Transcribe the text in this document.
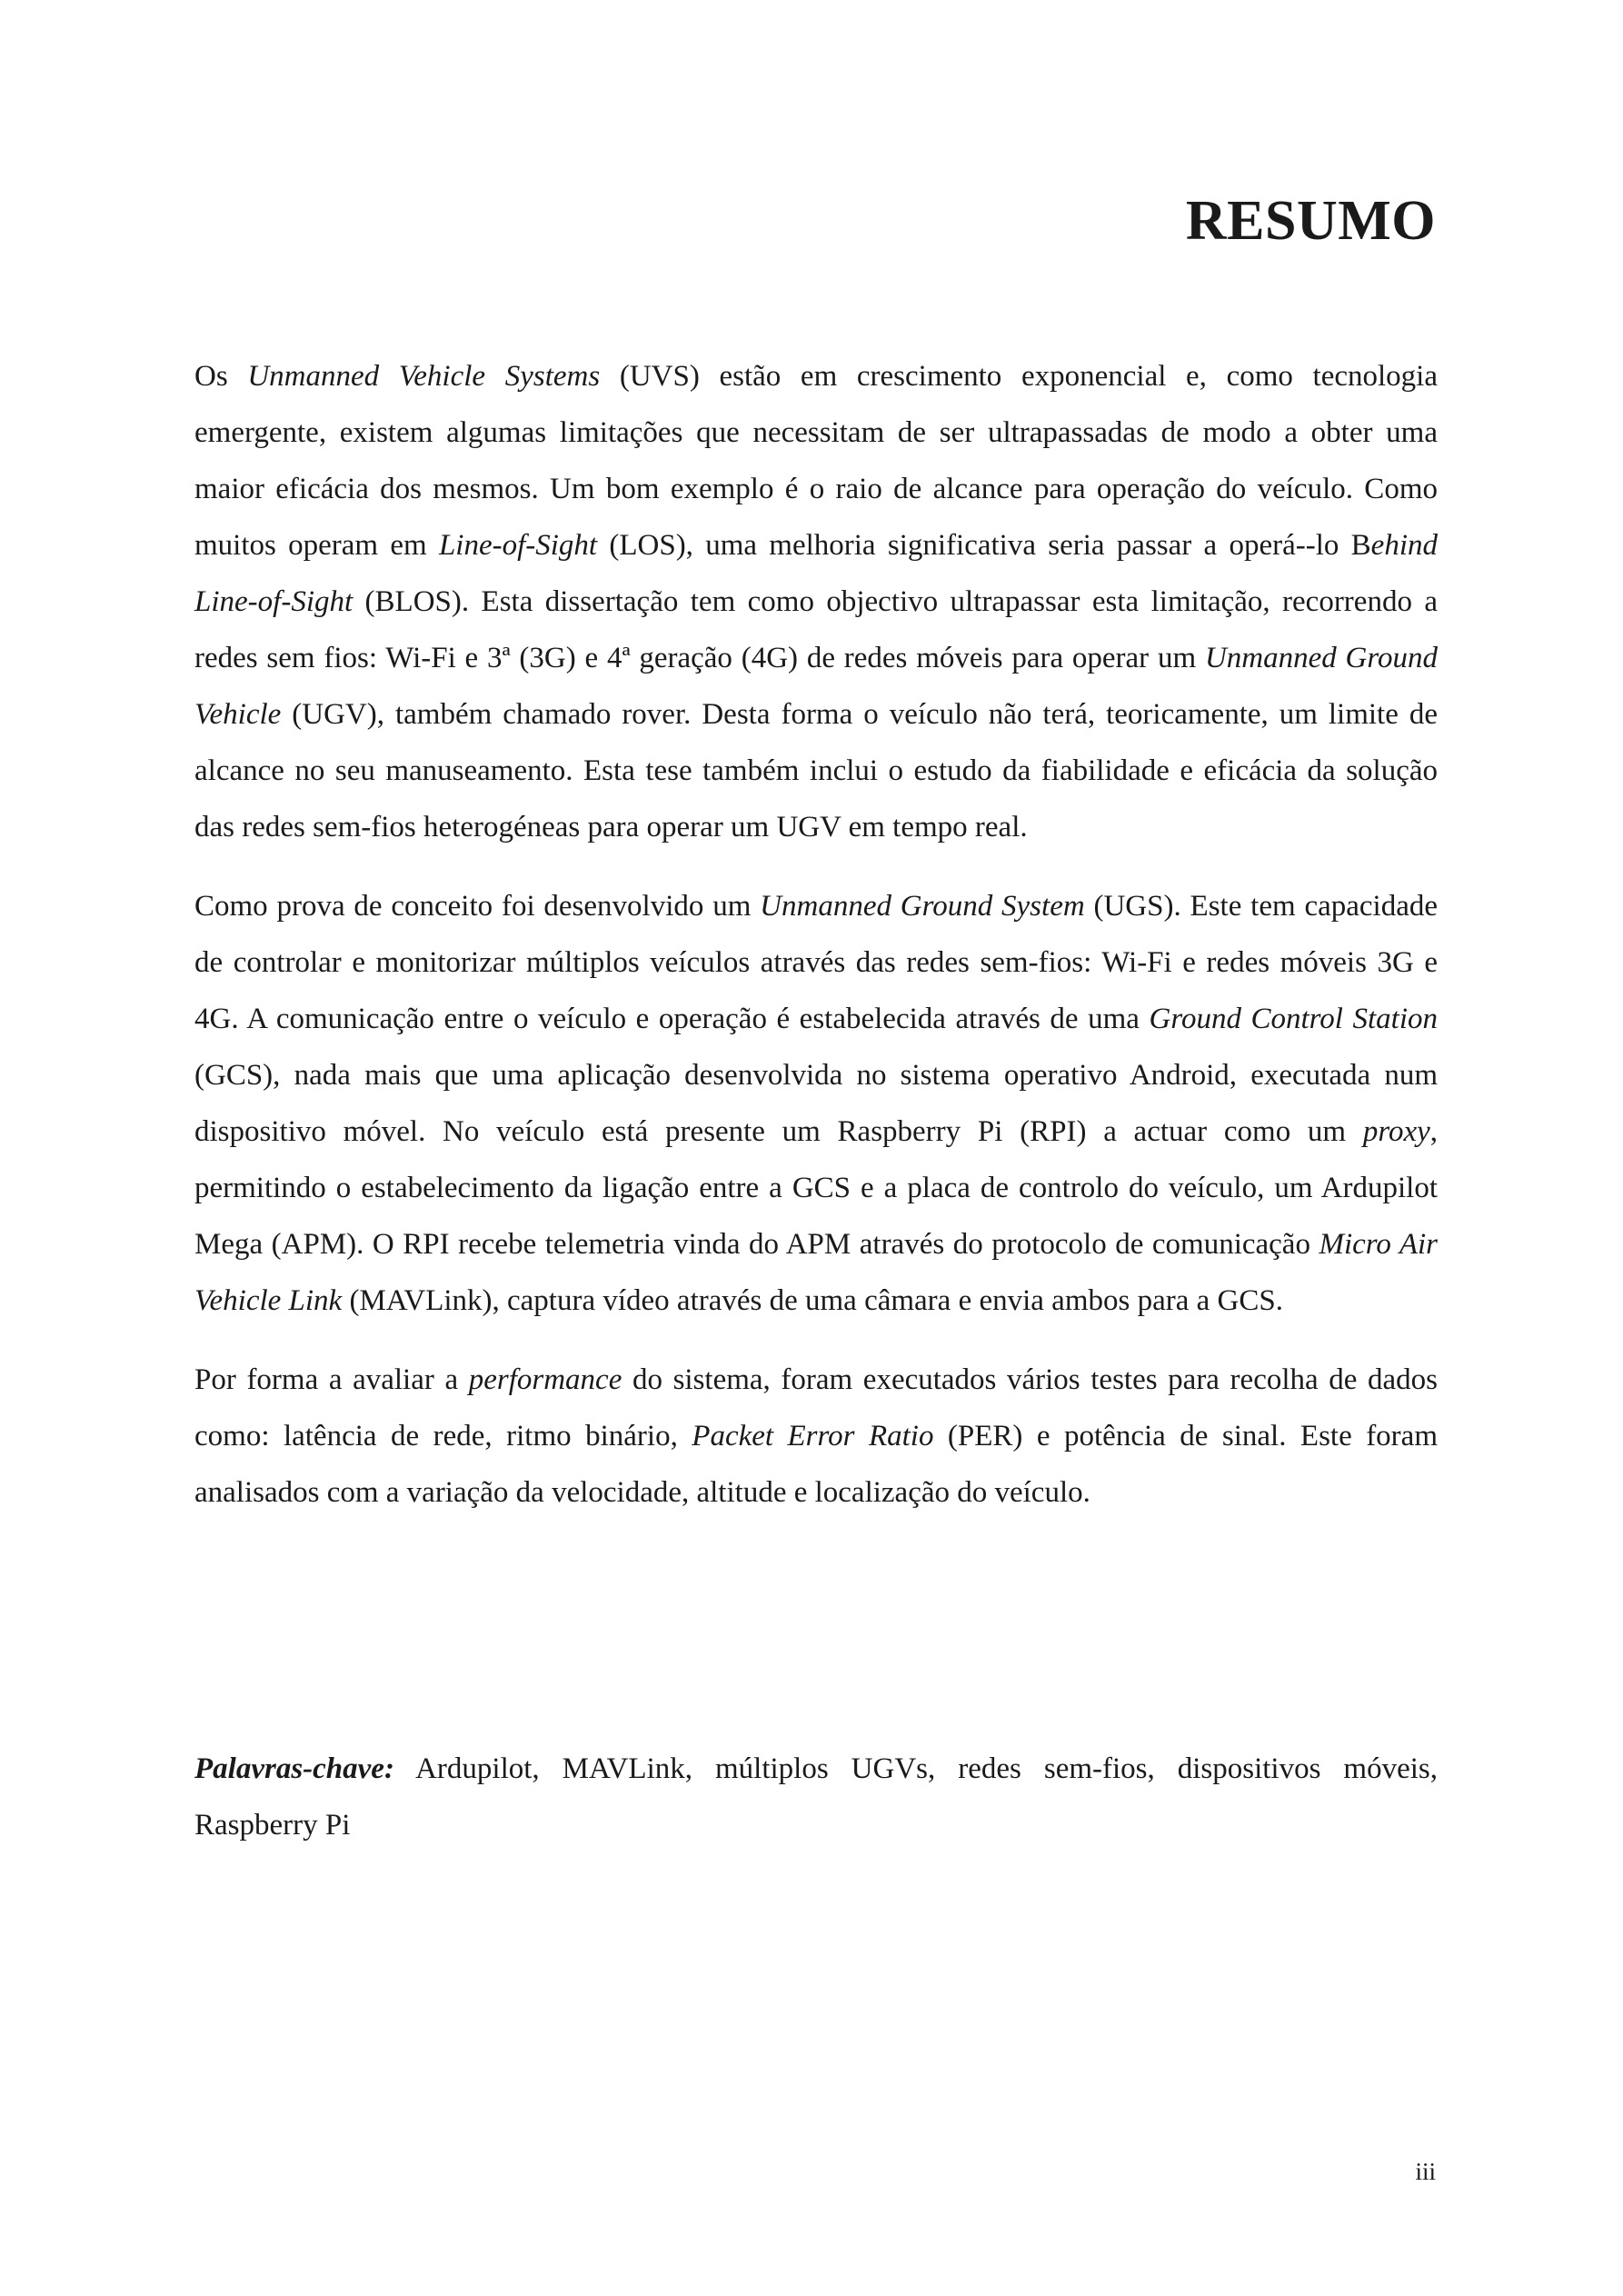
RESUMO

Os Unmanned Vehicle Systems (UVS) estão em crescimento exponencial e, como tecnologia emergente, existem algumas limitações que necessitam de ser ultrapassadas de modo a obter uma maior eficácia dos mesmos. Um bom exemplo é o raio de alcance para operação do veículo. Como muitos operam em Line-of-Sight (LOS), uma melhoria significativa seria passar a operá-​-lo Behind Line-of-Sight (BLOS). Esta dissertação tem como objectivo ultrapassar esta limitação, recorrendo a redes sem fios: Wi-Fi e 3ª (3G) e 4ª geração (4G) de redes móveis para operar um Unmanned Ground Vehicle (UGV), também chamado rover. Desta forma o veículo não terá, teoricamente, um limite de alcance no seu manuseamento. Esta tese também inclui o estudo da fiabilidade e eficácia da solução das redes sem-fios heterogéneas para operar um UGV em tempo real.

Como prova de conceito foi desenvolvido um Unmanned Ground System (UGS). Este tem capacidade de controlar e monitorizar múltiplos veículos através das redes sem-fios: Wi-Fi e redes móveis 3G e 4G. A comunicação entre o veículo e operação é estabelecida através de uma Ground Control Station (GCS), nada mais que uma aplicação desenvolvida no sistema operativo Android, executada num dispositivo móvel. No veículo está presente um Raspberry Pi (RPI) a actuar como um proxy, permitindo o estabelecimento da ligação entre a GCS e a placa de controlo do veículo, um Ardupilot Mega (APM). O RPI recebe telemetria vinda do APM através do protocolo de comunicação Micro Air Vehicle Link (MAVLink), captura vídeo através de uma câmara e envia ambos para a GCS.

Por forma a avaliar a performance do sistema, foram executados vários testes para recolha de dados como: latência de rede, ritmo binário, Packet Error Ratio (PER) e potência de sinal. Este foram analisados com a variação da velocidade, altitude e localização do veículo.

Palavras-chave: Ardupilot, MAVLink, múltiplos UGVs, redes sem-fios, dispositivos móveis, Raspberry Pi

iii
